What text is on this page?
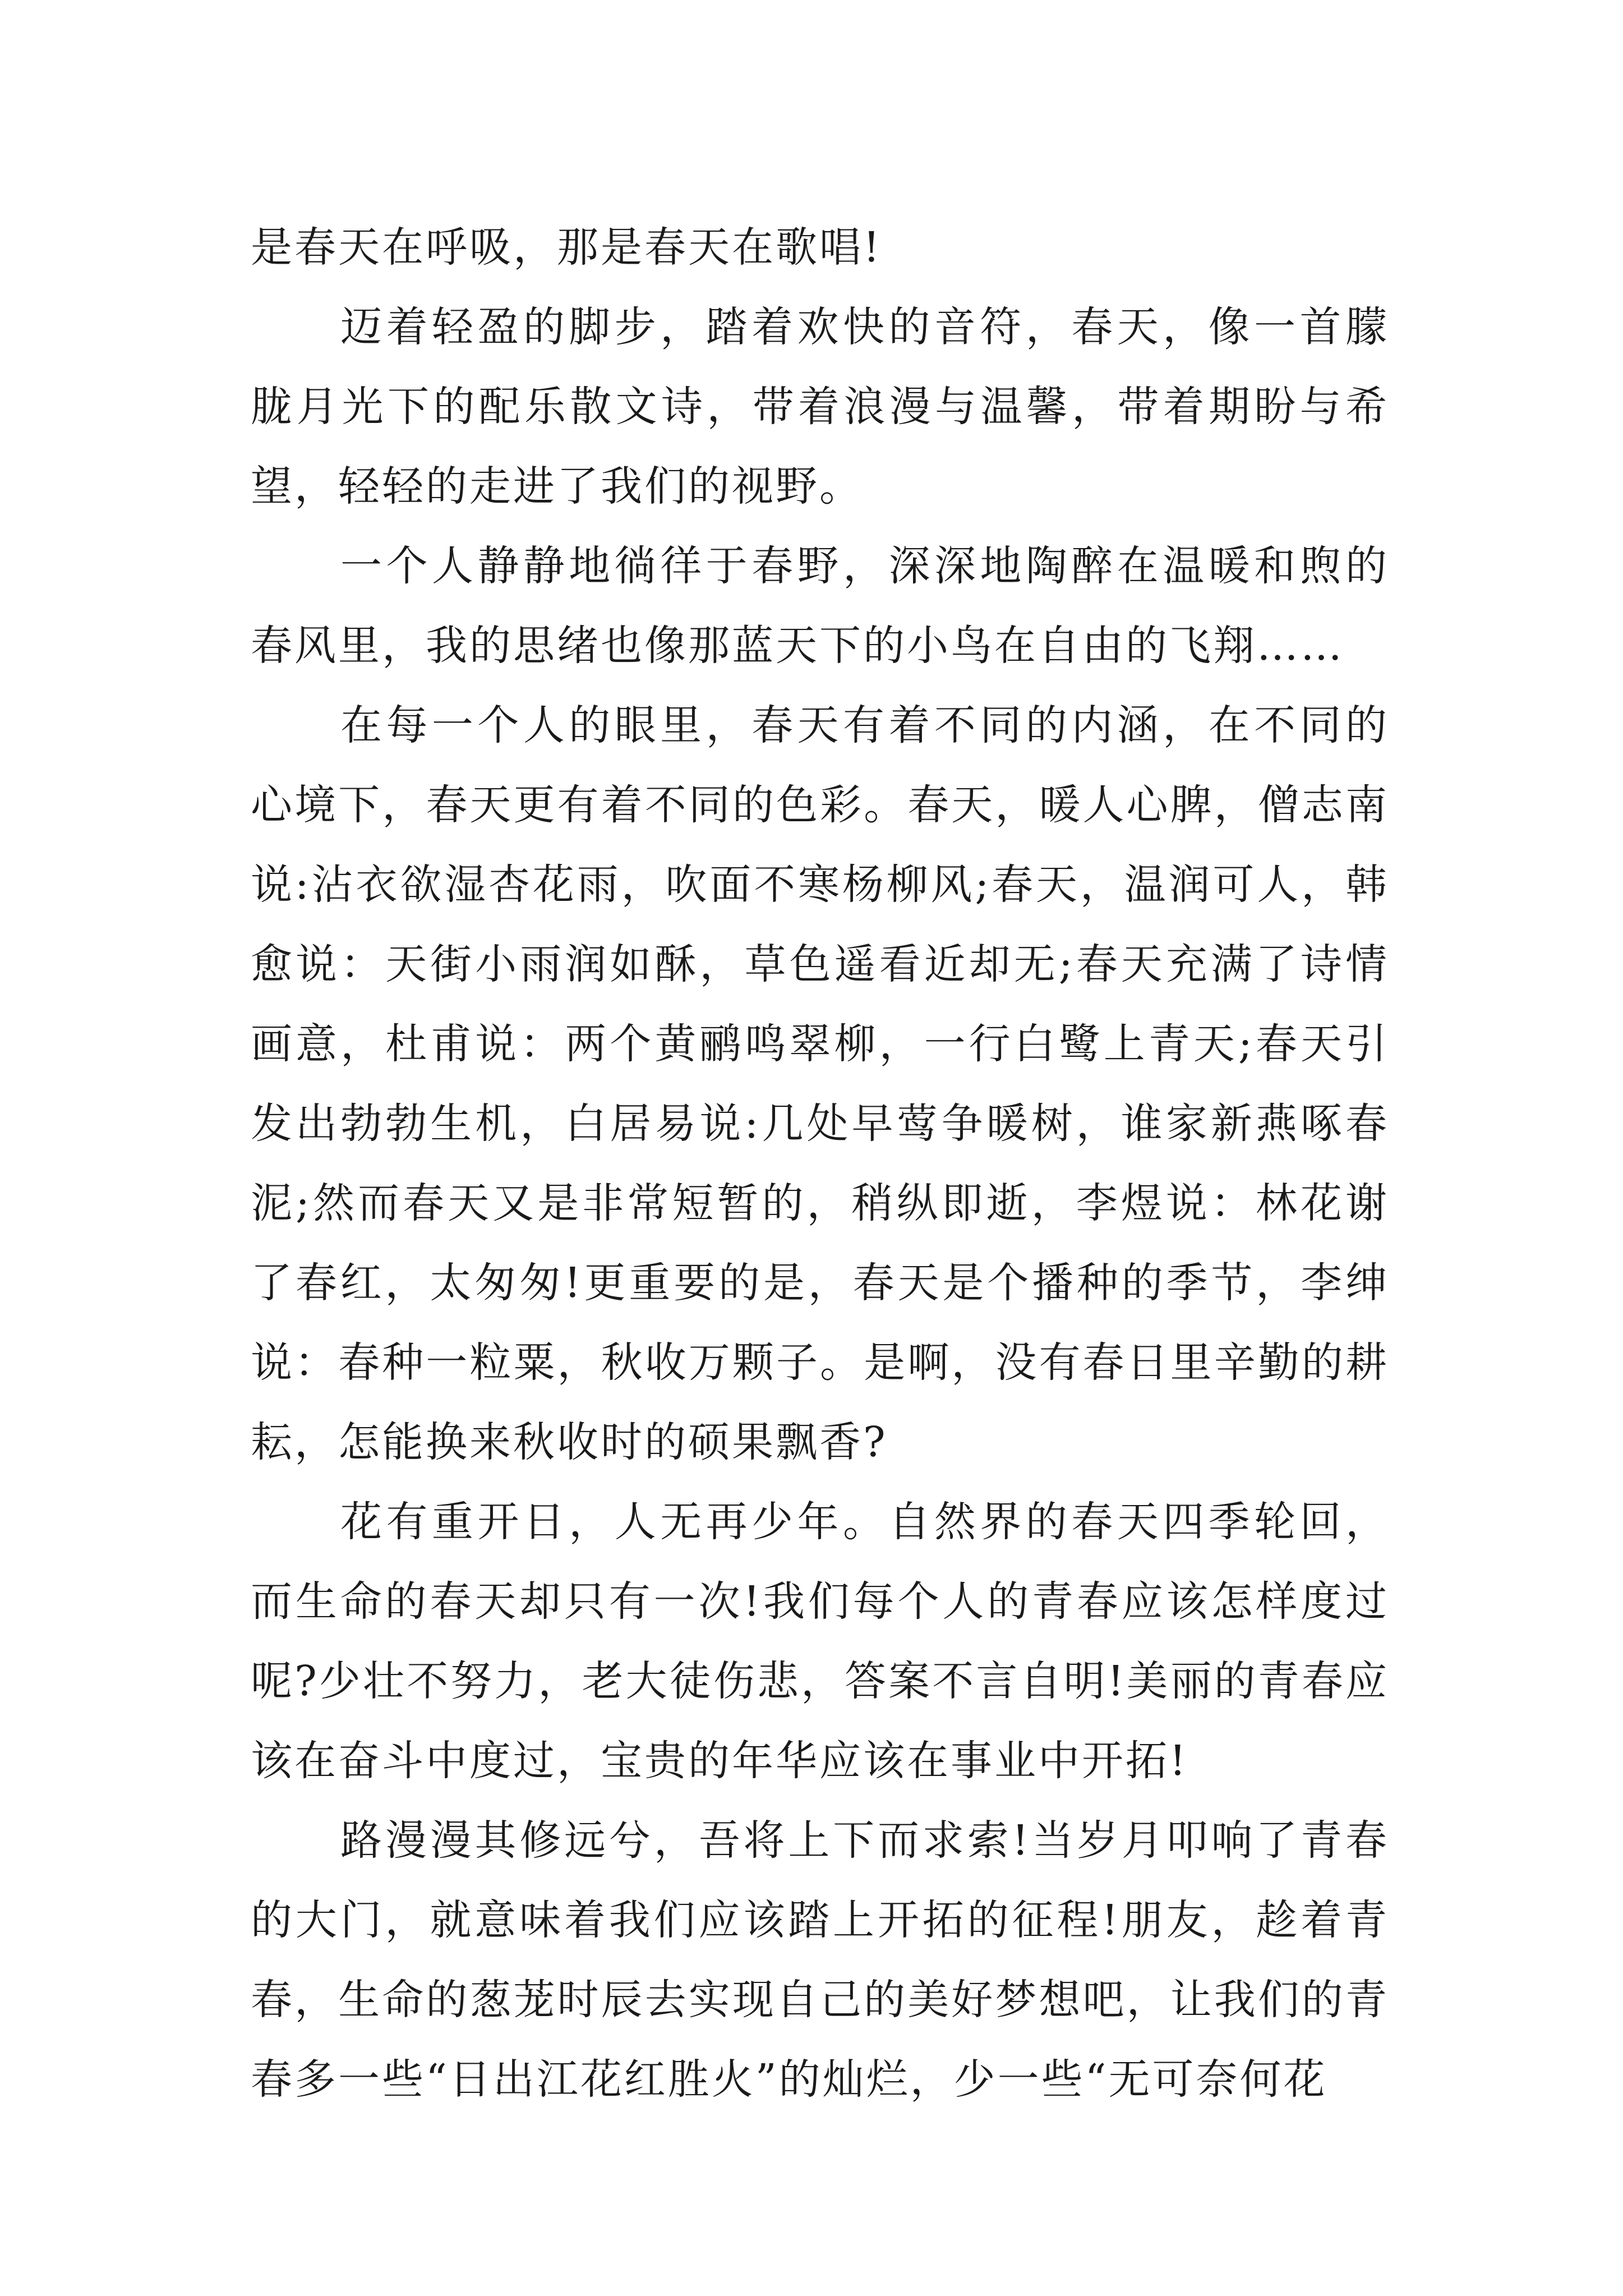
是春天在呼吸，那是春天在歌唱!

迈着轻盈的脚步，踏着欢快的音符，春天，像一首朦胧月光下的配乐散文诗，带着浪漫与温馨，带着期盼与希望，轻轻的走进了我们的视野。

一个人静静地徜徉于春野，深深地陶醉在温暖和煦的春风里，我的思绪也像那蓝天下的小鸟在自由的飞翔……

在每一个人的眼里，春天有着不同的内涵，在不同的心境下，春天更有着不同的色彩。春天，暖人心脾，僧志南说:沾衣欲湿杏花雨，吹面不寒杨柳风;春天，温润可人，韩愈说：天街小雨润如酥，草色遥看近却无;春天充满了诗情画意，杜甫说：两个黄鹂鸣翠柳，一行白鹭上青天;春天引发出勃勃生机，白居易说:几处早莺争暖树，谁家新燕啄春泥;然而春天又是非常短暂的，稍纵即逝，李煜说：林花谢了春红，太匆匆!更重要的是，春天是个播种的季节，李绅说：春种一粒粟，秋收万颗子。是啊，没有春日里辛勤的耕耘，怎能换来秋收时的硕果飘香?

花有重开日，人无再少年。自然界的春天四季轮回，而生命的春天却只有一次!我们每个人的青春应该怎样度过呢?少壮不努力，老大徒伤悲，答案不言自明!美丽的青春应该在奋斗中度过，宝贵的年华应该在事业中开拓!

路漫漫其修远兮，吾将上下而求索!当岁月叩响了青春的大门，就意味着我们应该踏上开拓的征程!朋友，趁着青春，生命的葱茏时辰去实现自己的美好梦想吧，让我们的青春多一些“日出江花红胜火”的灿烂，少一些“无可奈何花
